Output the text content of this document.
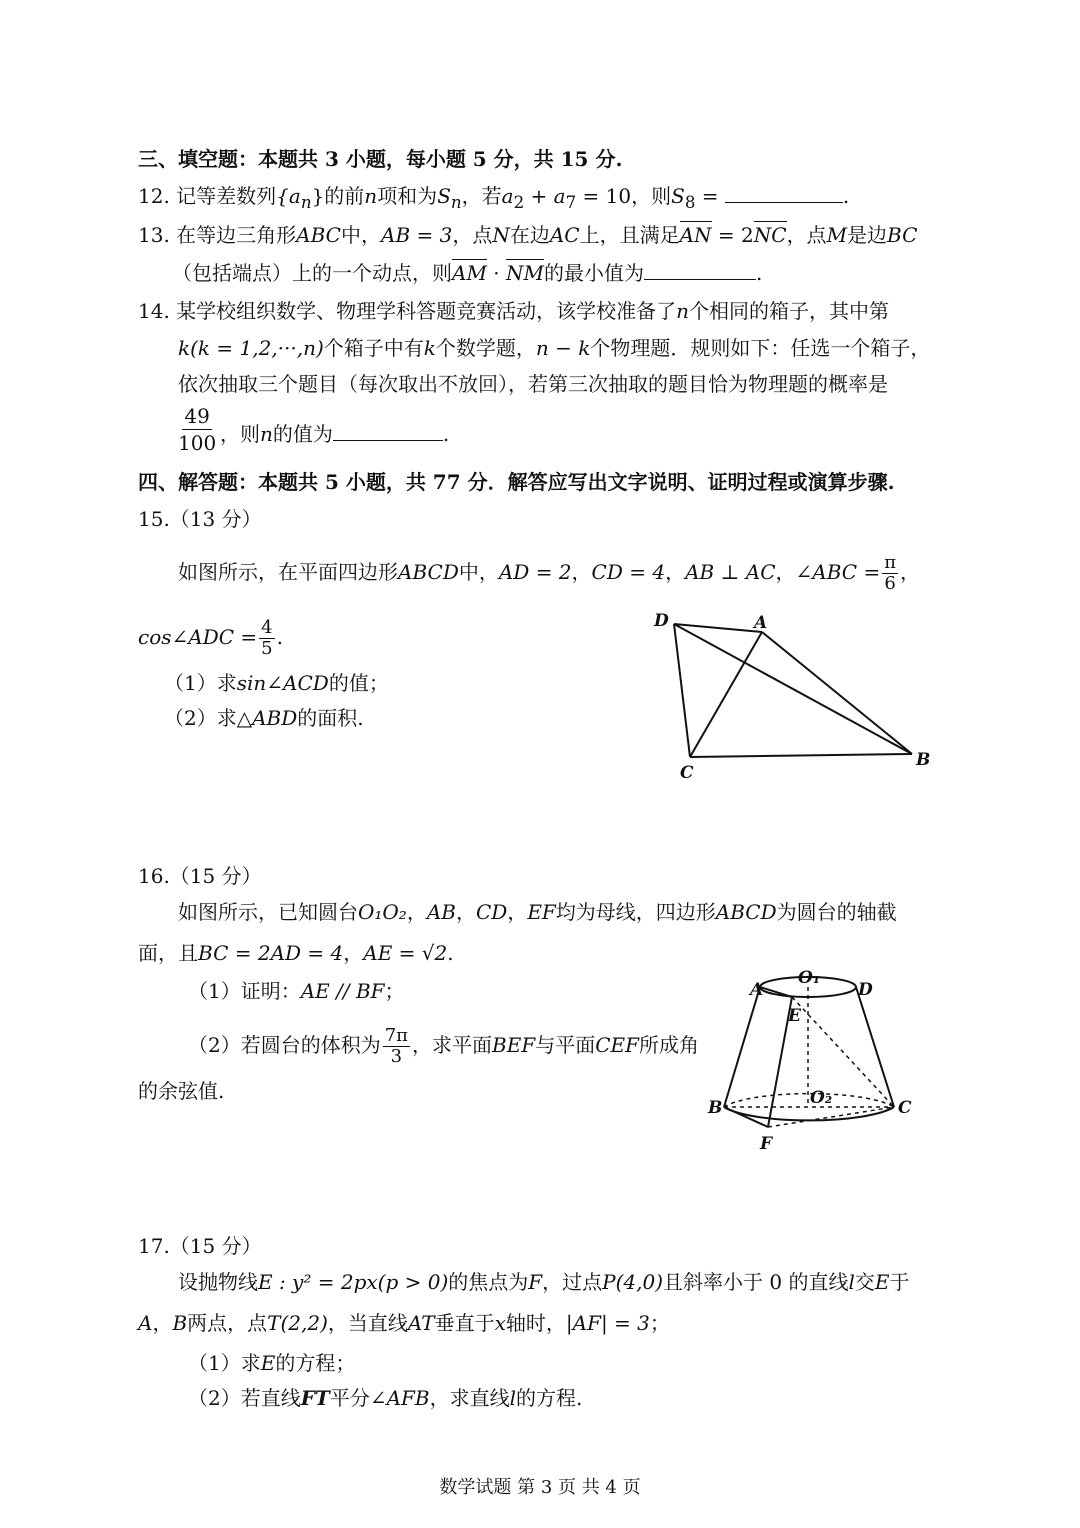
三、填空题：本题共 3 小题，每小题 5 分，共 15 分.
12. 记等差数列$\{a_n\}$的前n项和为$S_n$，若$a_2 + a_7 = 10$，则$S_8$ =	.
13. 在等边三角形ABC中，AB = 3，点N在边AC上，且满足AN = 2NC，点M是边BC
（包括端点）上的一个动点，则AM · NM的最小值为	.
14. 某学校组织数学、物理学科答题竞赛活动，该学校准备了n个相同的箱子，其中第
k(k = 1,2,···,n)个箱子中有k个数学题，n − k个物理题．规则如下：任选一个箱子，
依次抽取三个题目（每次取出不放回），若第三次抽取的题目恰为物理题的概率是
$\frac{49}{100}$ ，则n的值为	.
四、解答题：本题共 5 小题，共 77 分．解答应写出文字说明、证明过程或演算步骤.
15.（13 分）
如图所示，在平面四边形ABCD中，AD = 2，CD = 4，AB ⊥ AC，∠ABC = $\frac{\pi}{6}$ ，
cos∠ADC = $\frac{4}{5}$ .
（1）求sin∠ACD的值；
（2）求△ABD的面积.
D	A
B
C
16.（15 分）
如图所示，已知圆台O₁O₂，AB，CD，EF均为母线，四边形ABCD为圆台的轴截
面，且BC = 2AD = 4，AE = √2.
（1）证明：AE // BF；
（2）若圆台的体积为 $\frac{7\pi}{3}$ ，求平面BEF与平面CEF所成角
的余弦值.
A
O₁
D
E
O₂
B	C
F
17.（15 分）
设抛物线E : y² = 2px(p > 0)的焦点为F，过点P(4,0)且斜率小于 0 的直线l交E于
A，B两点，点T(2,2)，当直线AT垂直于x轴时，|AF| = 3；
（1）求E的方程；
（2）若直线FT平分∠AFB，求直线l的方程.
数学试题 第 3 页 共 4 页
